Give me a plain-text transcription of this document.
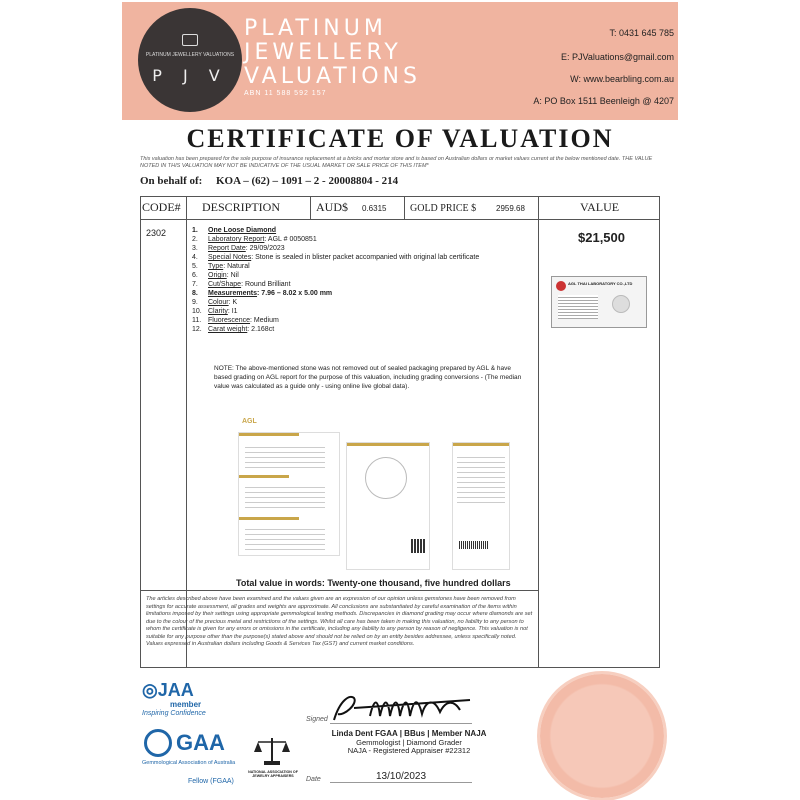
PLATINUM JEWELLERY VALUATIONS
P J V
PLATINUM
JEWELLERY
VALUATIONS
ABN 11 588 592 157
T: 0431 645 785
E: PJValuations@gmail.com
W: www.bearbling.com.au
A: PO Box 1511 Beenleigh @ 4207
CERTIFICATE OF VALUATION
This valuation has been prepared for the sole purpose of insurance replacement at a bricks and mortar store and is based on Australian dollars or market values current at the below mentioned date. THE VALUE NOTED IN THIS VALUATION MAY NOT BE INDICATIVE OF THE USUAL MARKET OR SALE PRICE OF THIS ITEM*
On behalf of: KOA – (62) – 1091 – 2 - 20008804 - 214
CODE# DESCRIPTION	AUD$ 0.6315 GOLD PRICE $ 2959.68	VALUE
2302	$21,500
1. One Loose Diamond
2. Laboratory Report: AGL # 0050851
3. Report Date: 29/09/2023
4. Special Notes: Stone is sealed in blister packet accompanied with original lab certificate
5. Type: Natural
6. Origin: Nil
7. Cut/Shape: Round Brilliant
8. Measurements: 7.96 – 8.02 x 5.00 mm
9. Colour: K
10. Clarity: I1
11. Fluorescence: Medium
12. Carat weight: 2.168ct
AGL THAI LABORATORY CO.,LTD
NOTE: The above-mentioned stone was not removed out of sealed packaging prepared by AGL & have based grading on AGL report for the purpose of this valuation, including grading conversions - (The median value was calculated as a guide only - using online live global data).
AGL
Total value in words: Twenty-one thousand, five hundred dollars
The articles described above have been examined and the values given are an expression of our opinion unless gemstones have been removed from settings for accurate assessment, all grades and weights are approximate. All conclusions are substantiated by careful examination of the items within limitations imposed by their settings using appropriate gemmological testing methods. Discrepancies in diamond grading may occur where diamonds are set due to the colour of the precious metal and restrictions of the settings. Whilst all care has been taken in making this valuation, no liability to any person to whom the certificate is given for any errors or omissions in the certificate, including any liability to any person by reason of negligence. This valuation is not suitable for any purpose other than the purpose(s) stated above and should not be relied on by an entity besides addressee, unless specifically noted. Values expressed in Australian dollars including Goods & Services Tax (GST) and current market conditions.
◎JAA
member
Inspiring Confidence
GAA
Gemmological Association of Australia
Fellow (FGAA)
NATIONAL ASSOCIATION OF JEWELRY APPRAISERS
Signed
Linda Dent FGAA | BBus | Member NAJA
Gemmologist | Diamond Grader
NAJA - Registered Appraiser #22312
Date	13/10/2023
